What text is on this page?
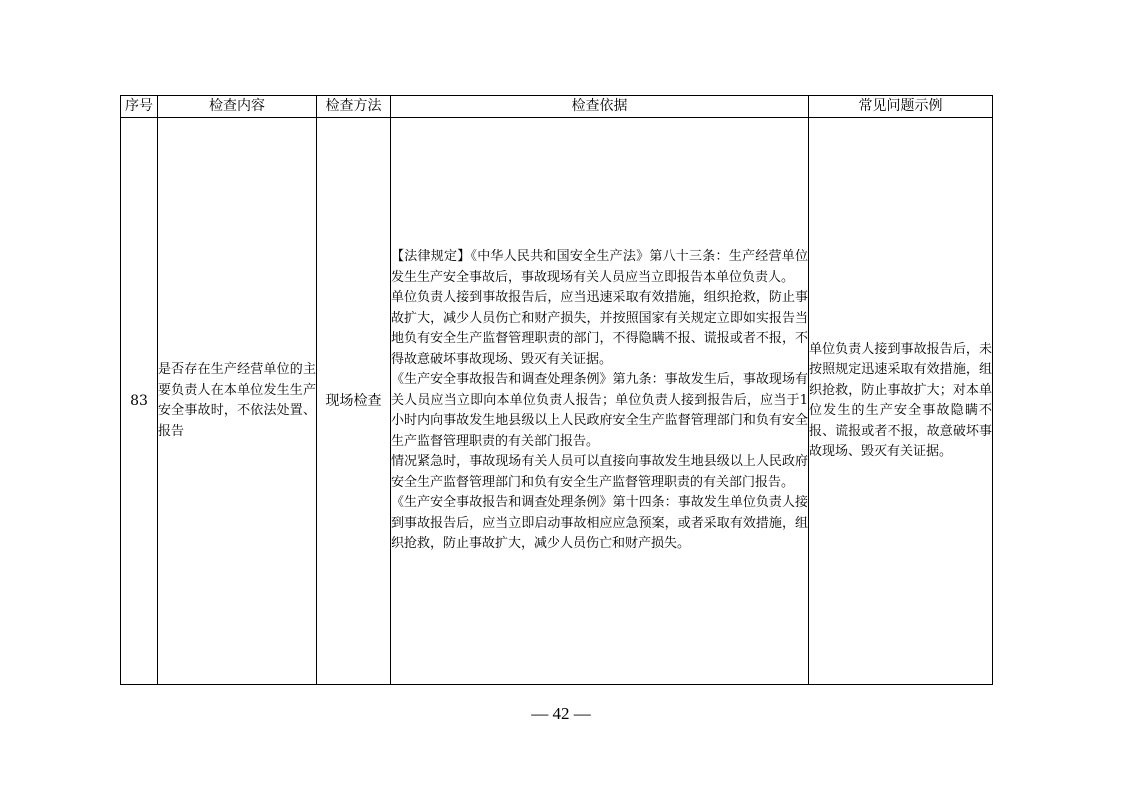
序号	检查内容	检查方法	检查依据	常见问题示例
83	是否存在生产经营单位的主要负责人在本单位发生生产安全事故时，不依法处置、报告	现场检查	【法律规定】《中华人民共和国安全生产法》第八十三条：生产经营单位发生生产安全事故后，事故现场有关人员应当立即报告本单位负责人。

单位负责人接到事故报告后，应当迅速采取有效措施，组织抢救，防止事故扩大，减少人员伤亡和财产损失，并按照国家有关规定立即如实报告当地负有安全生产监督管理职责的部门，不得隐瞒不报、谎报或者不报，不得故意破坏事故现场、毁灭有关证据。

《生产安全事故报告和调查处理条例》第九条：事故发生后，事故现场有关人员应当立即向本单位负责人报告；单位负责人接到报告后，应当于1小时内向事故发生地县级以上人民政府安全生产监督管理部门和负有安全生产监督管理职责的有关部门报告。

情况紧急时，事故现场有关人员可以直接向事故发生地县级以上人民政府安全生产监督管理部门和负有安全生产监督管理职责的有关部门报告。

《生产安全事故报告和调查处理条例》第十四条：事故发生单位负责人接到事故报告后，应当立即启动事故相应应急预案，或者采取有效措施，组织抢救，防止事故扩大，减少人员伤亡和财产损失。	单位负责人接到事故报告后，未按照规定迅速采取有效措施，组织抢救，防止事故扩大；对本单位发生的生产安全事故隐瞒不报、谎报或者不报，故意破坏事故现场、毁灭有关证据。
— 42 —
